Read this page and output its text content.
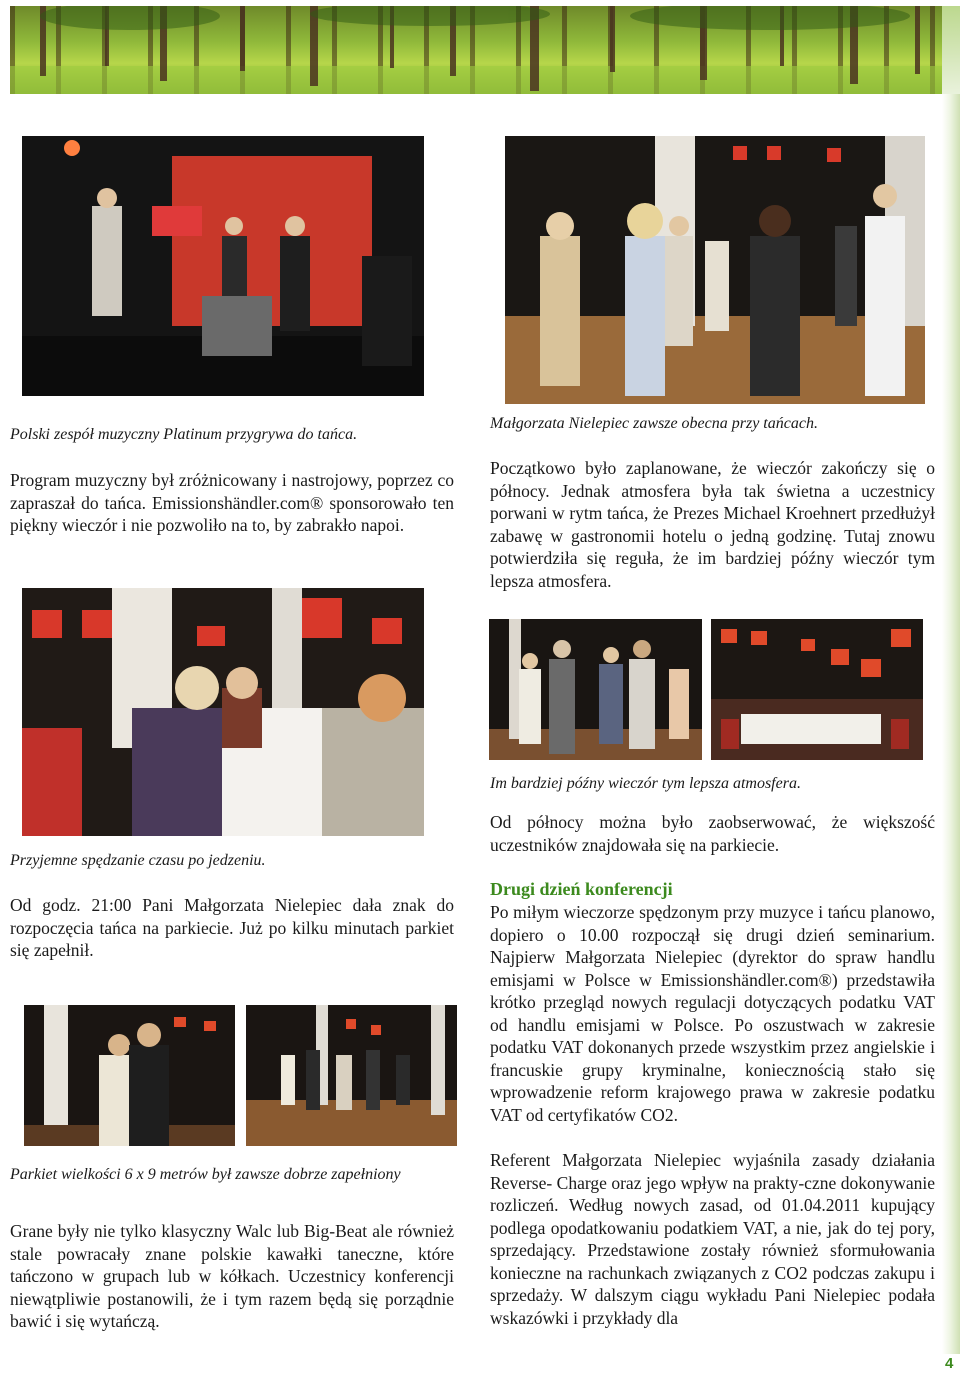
Polski zespół muzyczny Platinum przygrywa do tańca.

Małgorzata Nielepiec zawsze obecna przy tańcach.

Program muzyczny był zróżnicowany i nastrojowy, poprzez co zapraszał do tańca. Emissionshändler.com® sponsorowało ten piękny wieczór i nie pozwoliło na to, by zabrakło napoi.

Początkowo było zaplanowane, że wieczór zakończy się o północy. Jednak atmosfera była tak świetna a uczestnicy porwani w rytm tańca, że Prezes Michael Kroehnert przedłużył zabawę w gastronomii hotelu o jedną godzinę. Tutaj znowu potwierdziła się reguła, że im bardziej późny wieczór tym lepsza atmosfera.

Im bardziej późny wieczór tym lepsza atmosfera.

Od północy można było zaobserwować, że większość uczestników znajdowała się na parkiecie.

Przyjemne spędzanie czasu po jedzeniu.

Od godz. 21:00 Pani Małgorzata Nielepiec dała znak do rozpoczęcia tańca na parkiecie. Już po kilku minutach parkiet się zapełnił.

Drugi dzień konferencji

Po miłym wieczorze spędzonym przy muzyce i tańcu planowo, dopiero o 10.00 rozpoczął się drugi dzień seminarium. Najpierw Małgorzata Nielepiec (dyrektor do spraw handlu emisjami w Polsce w Emissionshändler.com®) przedstawiła krótko przegląd nowych regulacji dotyczących podatku VAT od handlu emisjami w Polsce. Po oszustwach w zakresie podatku VAT dokonanych przede wszystkim przez angielskie i francuskie grupy kryminalne, koniecznością stało się wprowadzenie reform krajowego prawa w zakresie podatku VAT od certyfikatów CO2.

Referent Małgorzata Nielepiec wyjaśnila zasady działania Reverse- Charge oraz jego wpływ na prakty-czne dokonywanie rozliczeń. Według nowych zasad, od 01.04.2011 kupujący podlega opodatkowaniu podatkiem VAT, a nie, jak do tej pory, sprzedający. Przedstawione zostały również sformułowania konieczne na rachunkach związanych z CO2 podczas zakupu i sprzedaży. W dalszym ciągu wykładu Pani Nielepiec podała wskazówki i przykłady dla

Parkiet wielkości 6 x 9 metrów był zawsze dobrze zapełniony

Grane były nie tylko klasyczny Walc lub Big-Beat ale również stale powracały znane polskie kawałki taneczne, które tańczono w grupach lub w kółkach. Uczestnicy konferencji niewątpliwie postanowili, że i tym razem będą się porządnie bawić i się wytańczą.

4
